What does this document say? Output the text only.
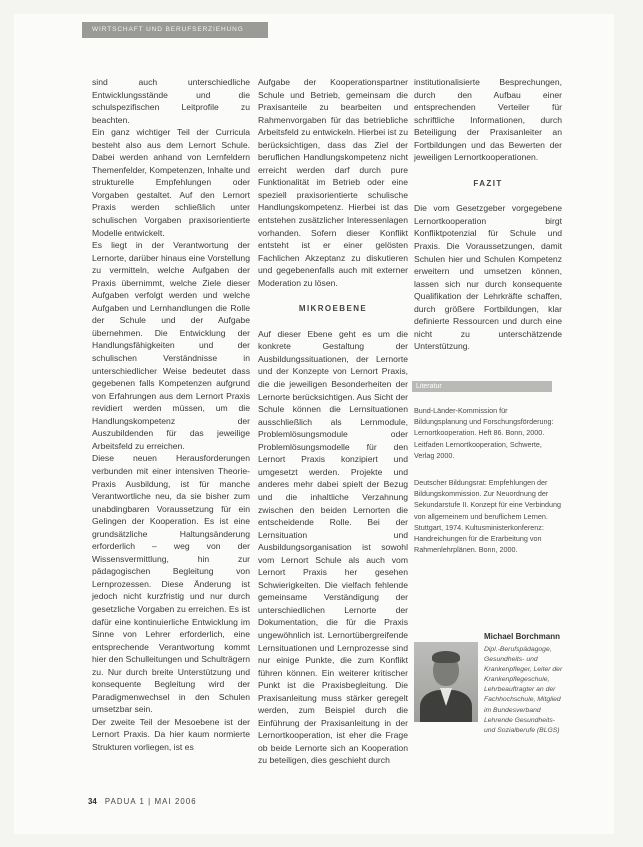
WIRTSCHAFT UND BERUFSERZIEHUNG

sind auch unterschiedliche Entwicklungsstände und die schulspezifischen Leitprofile zu beachten.

Ein ganz wichtiger Teil der Curricula besteht also aus dem Lernort Schule. Dabei werden anhand von Lernfeldern Themenfelder, Kompetenzen, Inhalte und strukturelle Empfehlungen oder Vorgaben gestaltet. Auf den Lernort Praxis werden schließlich unter schulischen Vorgaben praxisorientierte Modelle entwickelt.

Es liegt in der Verantwortung der Lernorte, darüber hinaus eine Vorstellung zu vermitteln, welche Aufgaben der Praxis übernimmt, welche Ziele dieser Aufgaben verfolgt werden und welche Aufgaben und Lernhandlungen die Rolle der Schule und der Aufgabe übernehmen. Die Entwicklung der Handlungsfähigkeiten und der schulischen Verständnisse in unterschiedlicher Weise bedeutet dass gegebenen falls Kompetenzen aufgrund von Erfahrungen aus dem Lernort Praxis revidiert werden müssen, um die Handlungskompetenz der Auszubildenden für das jeweilige Arbeitsfeld zu erreichen.

Diese neuen Herausforderungen verbunden mit einer intensiven Theorie-Praxis Ausbildung, ist für manche Verantwortliche neu, da sie bisher zum unabdingbaren Voraussetzung für ein Gelingen der Kooperation. Es ist eine grundsätzliche Haltungsänderung erforderlich – weg von der Wissensvermittlung, hin zur pädagogischen Begleitung von Lernprozessen. Diese Änderung ist jedoch nicht kurzfristig und nur durch gesetzliche Vorgaben zu erreichen. Es ist dafür eine kontinuierliche Entwicklung im Sinne von Lehrer erforderlich, eine entsprechende Verantwortung kommt hier den Schulleitungen und Schulträgern zu. Nur durch breite Unterstützung und konsequente Begleitung wird der Paradigmenwechsel in den Schulen umsetzbar sein.

Der zweite Teil der Mesoebene ist der Lernort Praxis. Da hier kaum normierte Strukturen vorliegen, ist es

Aufgabe der Kooperationspartner Schule und Betrieb, gemeinsam die Praxisanteile zu bearbeiten und Rahmenvorgaben für das betriebliche Arbeitsfeld zu entwickeln. Hierbei ist zu berücksichtigen, dass das Ziel der beruflichen Handlungskompetenz nicht erreicht werden darf durch pure Funktionalität im Betrieb oder eine speziell praxisorientierte schulische Handlungskompetenz. Hierbei ist das entstehen zusätzlicher Interessenlagen vorhanden. Sofern dieser Konflikt entsteht ist er einer gelösten Fachlichen Akzeptanz zu diskutieren und gegebenenfalls auch mit externer Moderation zu lösen.

MIKROEBENE

Auf dieser Ebene geht es um die konkrete Gestaltung der Ausbildungssituationen, der Lernorte und der Konzepte von Lernort Praxis, die die jeweiligen Besonderheiten der Lernorte berücksichtigen. Aus Sicht der Schule können die Lernsituationen ausschließlich als Lernmodule, Problemlösungsmodule oder Problemlösungsmodelle für den Lernort Praxis konzipiert und umgesetzt werden. Projekte und anderes mehr dabei spielt der Bezug und die inhaltliche Verzahnung zwischen den beiden Lernorten die entscheidende Rolle. Bei der Lernsituation und Ausbildungsorganisation ist sowohl vom Lernort Schule als auch vom Lernort Praxis her gesehen Schwierigkeiten. Die vielfach fehlende gemeinsame Verständigung der unterschiedlichen Lernorte der Dokumentation, die für die Praxis ungewöhnlich ist. Lernortübergreifende Lernsituationen und Lernprozesse sind nur einige Punkte, die zum Konflikt führen können. Ein weiterer kritischer Punkt ist die Praxisbegleitung. Die Praxisanleitung muss stärker geregelt werden, zum Beispiel durch die Einführung der Praxisanleitung in der Lernortkooperation, ist eher die Frage ob beide Lernorte sich an Kooperation zu beteiligen, dies geschieht durch

institutionalisierte Besprechungen, durch den Aufbau einer entsprechenden Verteiler für schriftliche Informationen, durch Beteiligung der Praxisanleiter an Fortbildungen und das Bewerten der jeweiligen Lernortkooperationen.

FAZIT

Die vom Gesetzgeber vorgegebene Lernortkooperation birgt Konfliktpotenzial für Schule und Praxis. Die Voraussetzungen, damit Schulen hier und Schulen Kompetenz erweitern und umsetzen können, lassen sich nur durch konsequente Qualifikation der Lehrkräfte schaffen, durch größere Fortbildungen, klar definierte Ressourcen und durch eine nicht zu unterschätzende Unterstützung.

Literatur
Bund-Länder-Kommission für Bildungsplanung und Forschungsförderung: Lernortkooperation. Heft 86. Bonn, 2000. Leitfaden Lernortkooperation, Schwerte, Verlag 2000.
Deutscher Bildungsrat: Empfehlungen der Bildungskommission. Zur Neuordnung der Sekundarstufe II. Konzept für eine Verbindung von allgemeinem und beruflichem Lernen. Stuttgart, 1974. Kultusministerkonferenz: Handreichungen für die Erarbeitung von Rahmenlehrplänen. Bonn, 2000.
Michael Borchmann
Dipl.-Berufspädagoge, Gesundheits- und Krankenpfleger, Leiter der Krankenpflegeschule, Lehrbeauftragter an der Fachhochschule, Mitglied im Bundesverband Lehrende Gesundheits- und Sozialberufe (BLGS)
34 PADUA 1 | MAI 2006
